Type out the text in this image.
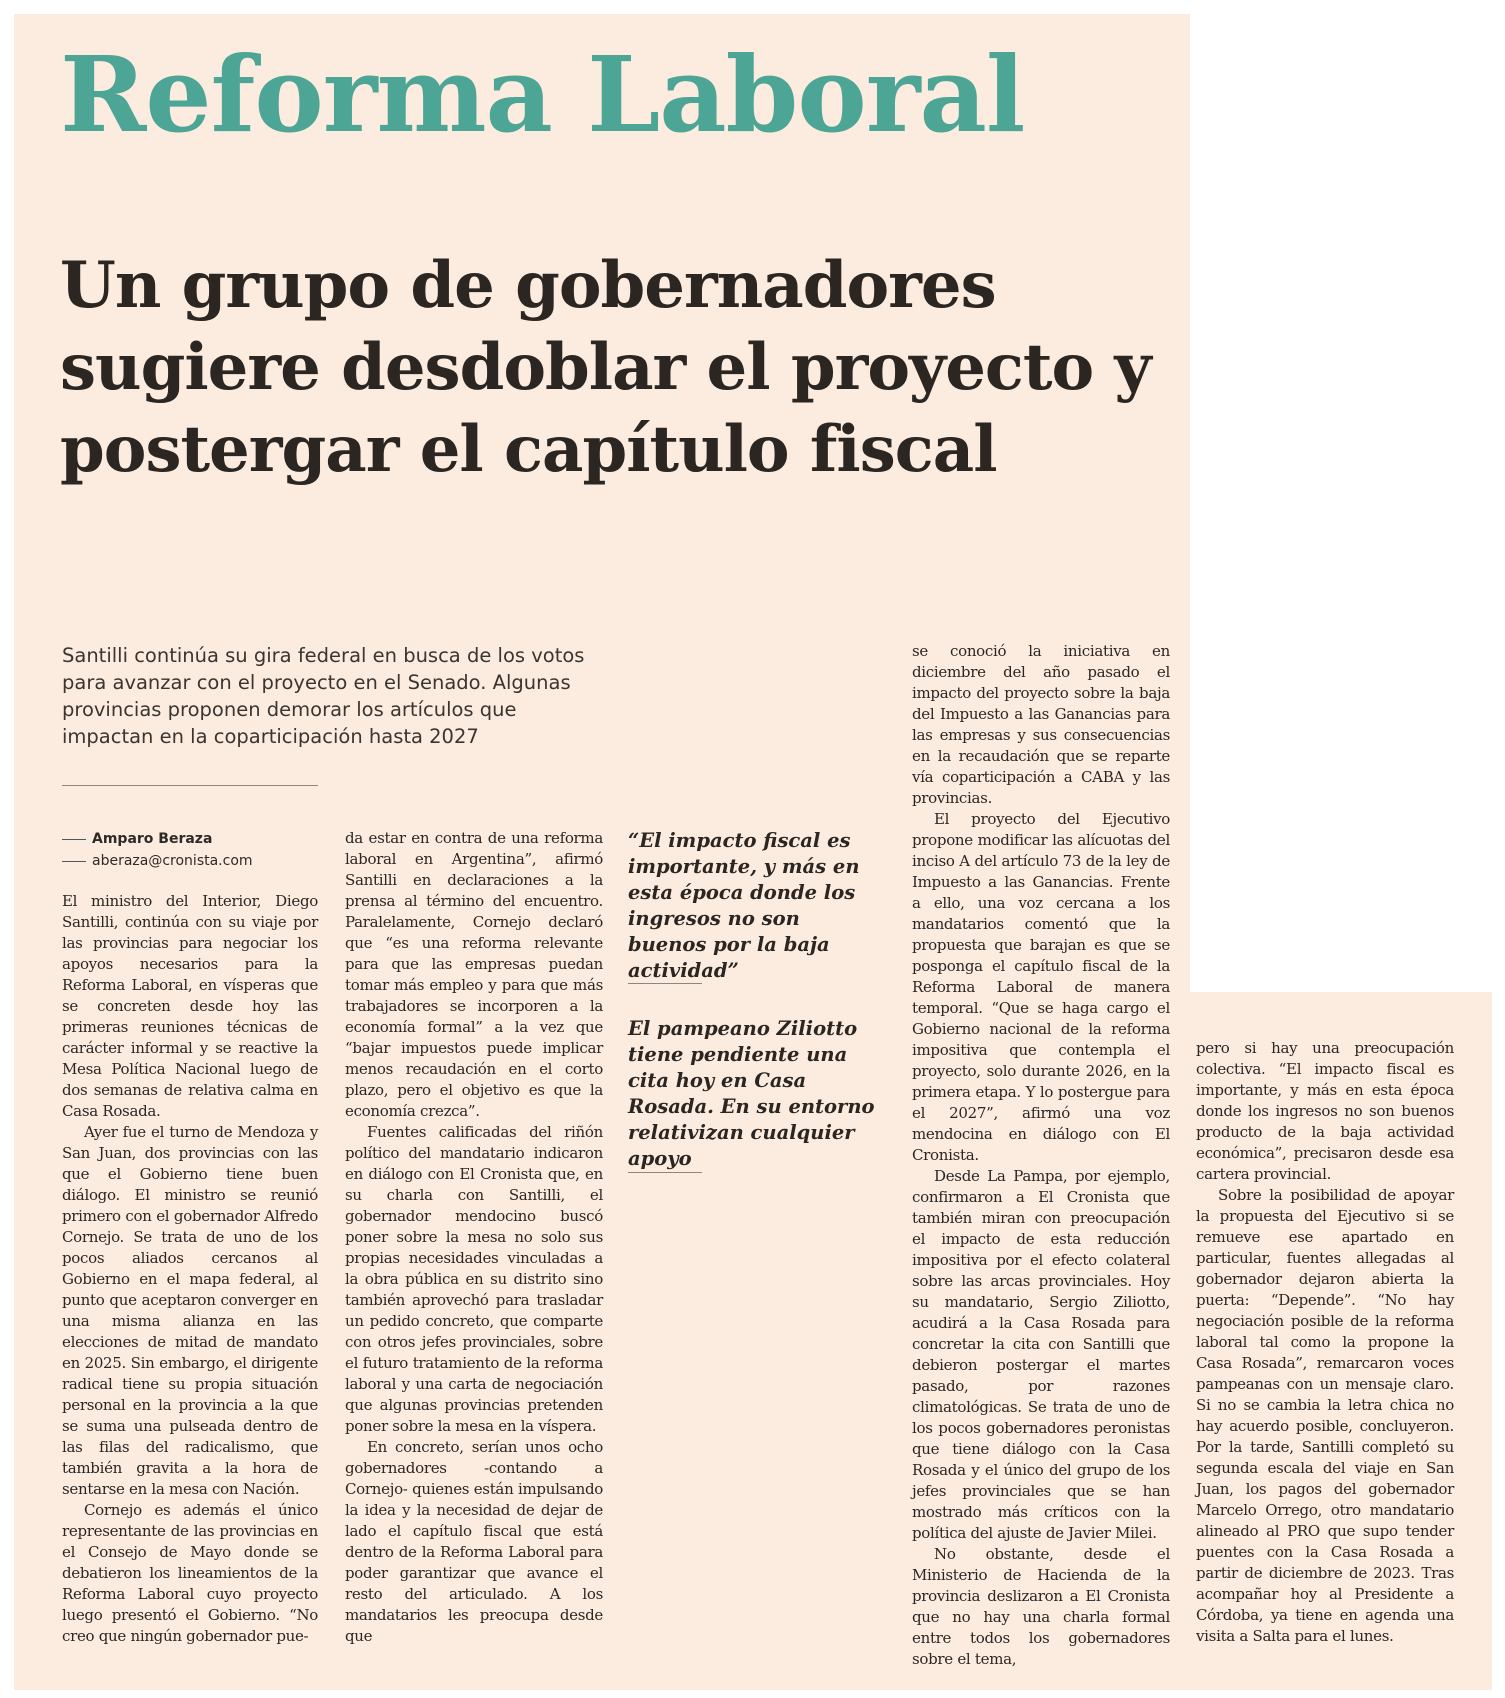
Reforma Laboral
Un grupo de gobernadores sugiere desdoblar el proyecto y postergar el capítulo fiscal

Santilli continúa su gira federal en busca de los votos para avanzar con el proyecto en el Senado. Algunas provincias proponen demorar los artículos que impactan en la coparticipación hasta 2027

Amparo Beraza
aberaza@cronista.com

El ministro del Interior, Diego Santilli, continúa con su viaje por las provincias para negociar los apoyos necesarios para la Reforma Laboral, en vísperas que se concreten desde hoy las primeras reuniones técnicas de carácter informal y se reactive la Mesa Política Nacional luego de dos semanas de relativa calma en Casa Rosada.

Ayer fue el turno de Mendoza y San Juan, dos provincias con las que el Gobierno tiene buen diálogo. El ministro se reunió primero con el gobernador Alfredo Cornejo. Se trata de uno de los pocos aliados cercanos al Gobierno en el mapa federal, al punto que aceptaron converger en una misma alianza en las elecciones de mitad de mandato en 2025. Sin embargo, el dirigente radical tiene su propia situación personal en la provincia a la que se suma una pulseada dentro de las filas del radicalismo, que también gravita a la hora de sentarse en la mesa con Nación.

Cornejo es además el único representante de las provincias en el Consejo de Mayo donde se debatieron los lineamientos de la Reforma Laboral cuyo proyecto luego presentó el Gobierno. “No creo que ningún gobernador pue-

da estar en contra de una reforma laboral en Argentina”, afirmó Santilli en declaraciones a la prensa al término del encuentro. Paralelamente, Cornejo declaró que “es una reforma relevante para que las empresas puedan tomar más empleo y para que más trabajadores se incorporen a la economía formal” a la vez que “bajar impuestos puede implicar menos recaudación en el corto plazo, pero el objetivo es que la economía crezca”.

Fuentes calificadas del riñón político del mandatario indicaron en diálogo con El Cronista que, en su charla con Santilli, el gobernador mendocino buscó poner sobre la mesa no solo sus propias necesidades vinculadas a la obra pública en su distrito sino también aprovechó para trasladar un pedido concreto, que comparte con otros jefes provinciales, sobre el futuro tratamiento de la reforma laboral y una carta de negociación que algunas provincias pretenden poner sobre la mesa en la víspera.

En concreto, serían unos ocho gobernadores -contando a Cornejo- quienes están impulsando la idea y la necesidad de dejar de lado el capítulo fiscal que está dentro de la Reforma Laboral para poder garantizar que avance el resto del articulado. A los mandatarios les preocupa desde que

“El impacto fiscal es importante, y más en esta época donde los ingresos no son buenos por la baja actividad”

El pampeano Ziliotto tiene pendiente una cita hoy en Casa Rosada. En su entorno relativizan cualquier apoyo

se conoció la iniciativa en diciembre del año pasado el impacto del proyecto sobre la baja del Impuesto a las Ganancias para las empresas y sus consecuencias en la recaudación que se reparte vía coparticipación a CABA y las provincias.

El proyecto del Ejecutivo propone modificar las alícuotas del inciso A del artículo 73 de la ley de Impuesto a las Ganancias. Frente a ello, una voz cercana a los mandatarios comentó que la propuesta que barajan es que se posponga el capítulo fiscal de la Reforma Laboral de manera temporal. “Que se haga cargo el Gobierno nacional de la reforma impositiva que contempla el proyecto, solo durante 2026, en la primera etapa. Y lo postergue para el 2027”, afirmó una voz mendocina en diálogo con El Cronista.

Desde La Pampa, por ejemplo, confirmaron a El Cronista que también miran con preocupación el impacto de esta reducción impositiva por el efecto colateral sobre las arcas provinciales. Hoy su mandatario, Sergio Ziliotto, acudirá a la Casa Rosada para concretar la cita con Santilli que debieron postergar el martes pasado, por razones climatológicas. Se trata de uno de los pocos gobernadores peronistas que tiene diálogo con la Casa Rosada y el único del grupo de los jefes provinciales que se han mostrado más críticos con la política del ajuste de Javier Milei.

No obstante, desde el Ministerio de Hacienda de la provincia deslizaron a El Cronista que no hay una charla formal entre todos los gobernadores sobre el tema,

pero si hay una preocupación colectiva. “El impacto fiscal es importante, y más en esta época donde los ingresos no son buenos producto de la baja actividad económica”, precisaron desde esa cartera provincial.

Sobre la posibilidad de apoyar la propuesta del Ejecutivo si se remueve ese apartado en particular, fuentes allegadas al gobernador dejaron abierta la puerta: “Depende”. “No hay negociación posible de la reforma laboral tal como la propone la Casa Rosada”, remarcaron voces pampeanas con un mensaje claro. Si no se cambia la letra chica no hay acuerdo posible, concluyeron. Por la tarde, Santilli completó su segunda escala del viaje en San Juan, los pagos del gobernador Marcelo Orrego, otro mandatario alineado al PRO que supo tender puentes con la Casa Rosada a partir de diciembre de 2023. Tras acompañar hoy al Presidente a Córdoba, ya tiene en agenda una visita a Salta para el lunes.
